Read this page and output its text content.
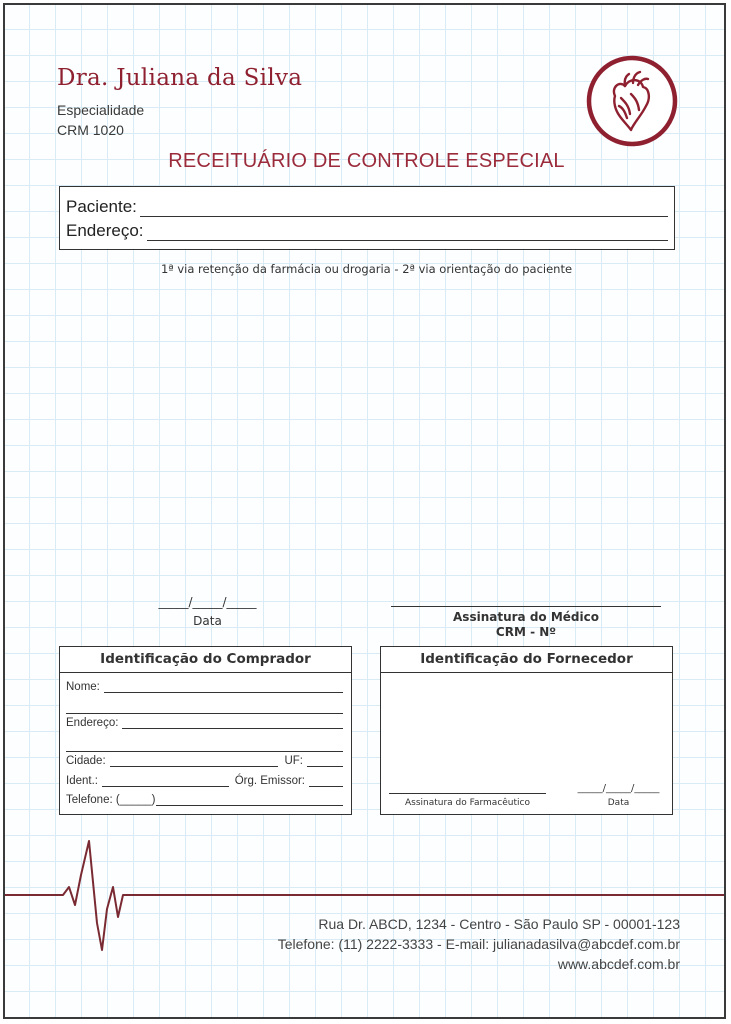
Dra. Juliana da Silva
Especialidade
CRM 1020
RECEITUÁRIO DE CONTROLE ESPECIAL
Paciente:
Endereço:
1ª via retenção da farmácia ou drogaria - 2ª via orientação do paciente
_____/_____/_____
Data	Assinatura do Médico
CRM - Nº
Identificação do Comprador
Nome:
Endereço:
Cidade:	UF:
Ident.:	Órg. Emissor:
Telefone: (_____)
Identificação do Fornecedor
Assinatura do Farmacêutico
_____/_____/_____
Data
Rua Dr. ABCD, 1234 - Centro - São Paulo SP - 00001-123
Telefone: (11) 2222-3333 - E-mail: julianadasilva@abcdef.com.br
www.abcdef.com.br
